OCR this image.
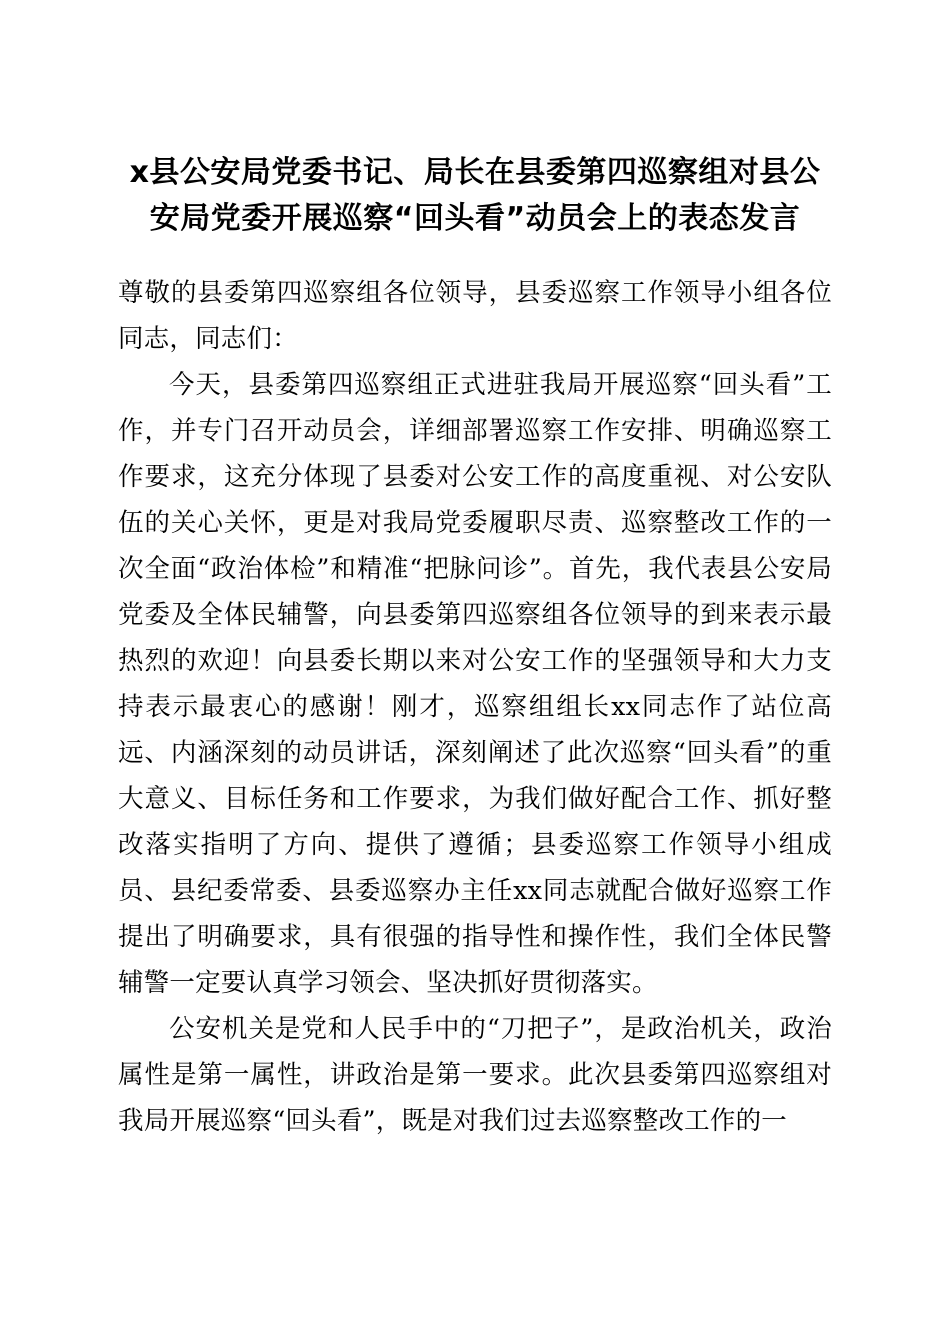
x县公安局党委书记、局长在县委第四巡察组对县公安局党委开展巡察“回头看”动员会上的表态发言

尊敬的县委第四巡察组各位领导，县委巡察工作领导小组各位同志，同志们：

今天，县委第四巡察组正式进驻我局开展巡察“回头看”工作，并专门召开动员会，详细部署巡察工作安排、明确巡察工作要求，这充分体现了县委对公安工作的高度重视、对公安队伍的关心关怀，更是对我局党委履职尽责、巡察整改工作的一次全面“政治体检”和精准“把脉问诊”。首先，我代表县公安局党委及全体民辅警，向县委第四巡察组各位领导的到来表示最热烈的欢迎！向县委长期以来对公安工作的坚强领导和大力支持表示最衷心的感谢！刚才，巡察组组长xx同志作了站位高远、内涵深刻的动员讲话，深刻阐述了此次巡察“回头看”的重大意义、目标任务和工作要求，为我们做好配合工作、抓好整改落实指明了方向、提供了遵循；县委巡察工作领导小组成员、县纪委常委、县委巡察办主任xx同志就配合做好巡察工作提出了明确要求，具有很强的指导性和操作性，我们全体民警辅警一定要认真学习领会、坚决抓好贯彻落实。

公安机关是党和人民手中的“刀把子”，是政治机关，政治属性是第一属性，讲政治是第一要求。此次县委第四巡察组对我局开展巡察“回头看”，既是对我们过去巡察整改工作的一
